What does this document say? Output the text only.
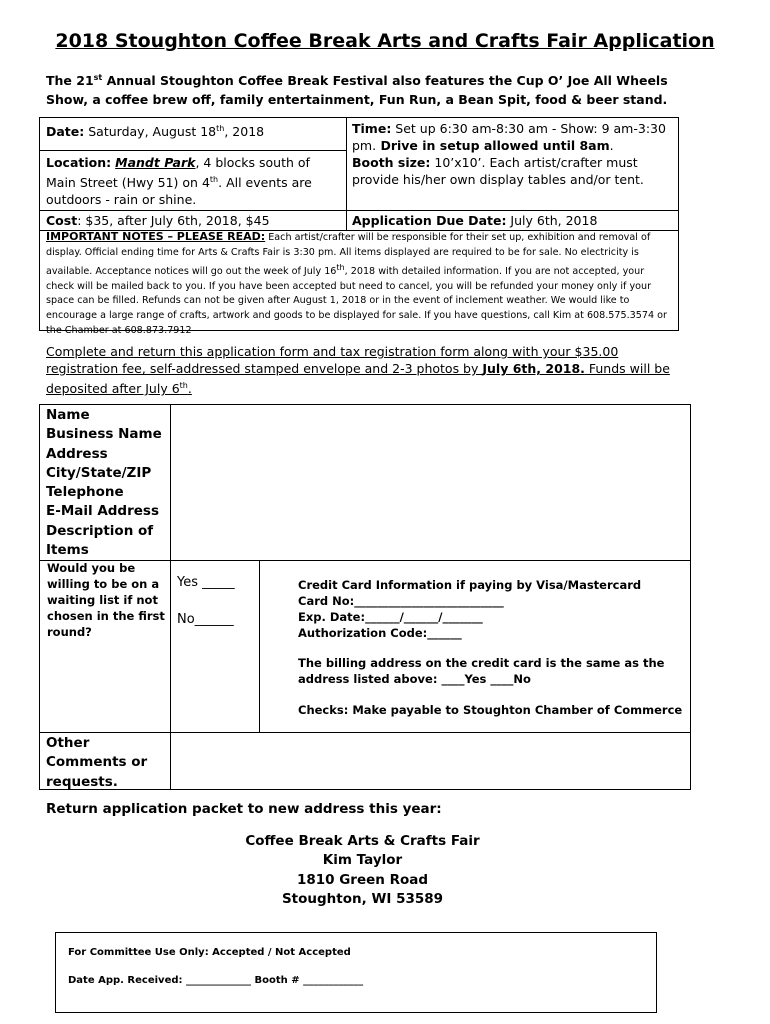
2018 Stoughton Coffee Break Arts and Crafts Fair Application

The 21st Annual Stoughton Coffee Break Festival also features the Cup O’ Joe All Wheels

Show, a coffee brew off, family entertainment, Fun Run, a Bean Spit, food & beer stand.

Date: Saturday, August 18th, 2018	Time: Set up 6:30 am-8:30 am - Show: 9 am-3:30 pm. Drive in setup allowed until 8am.
Location: Mandt Park, 4 blocks south of Main Street (Hwy 51) on 4th. All events are outdoors - rain or shine.
Booth size: 10’x10’. Each artist/crafter must provide his/her own display tables and/or tent.
Cost: $35, after July 6th, 2018, $45	Application Due Date: July 6th, 2018
IMPORTANT NOTES – PLEASE READ: Each artist/crafter will be responsible for their set up, exhibition and removal of display. Official ending time for Arts & Crafts Fair is 3:30 pm. All items displayed are required to be for sale. No electricity is available. Acceptance notices will go out the week of July 16th, 2018 with detailed information. If you are not accepted, your check will be mailed back to you. If you have been accepted but need to cancel, you will be refunded your money only if your space can be filled. Refunds can not be given after August 1, 2018 or in the event of inclement weather. We would like to encourage a large range of crafts, artwork and goods to be displayed for sale. If you have questions, call Kim at 608.575.3574 or the Chamber at 608.873.7912
Complete and return this application form and tax registration form along with your $35.00 registration fee, self-addressed stamped envelope and 2-3 photos by July 6th, 2018. Funds will be deposited after July 6th.
Name
Business Name
Address
City/State/ZIP
Telephone
E-Mail Address
Description of Items
Would you be willing to be on a waiting list if not chosen in the first round?
Yes _____
No______
Credit Card Information if paying by Visa/Mastercard
Card No:__________________________
Exp. Date:______/______/_______
Authorization Code:______
The billing address on the credit card is the same as the
address listed above: ____Yes ____No
Checks: Make payable to Stoughton Chamber of Commerce
Other Comments or requests.
Return application packet to new address this year:
Coffee Break Arts & Crafts Fair
Kim Taylor
1810 Green Road
Stoughton, WI 53589
For Committee Use Only: Accepted / Not Accepted
Date App. Received: _____________ Booth # ____________
